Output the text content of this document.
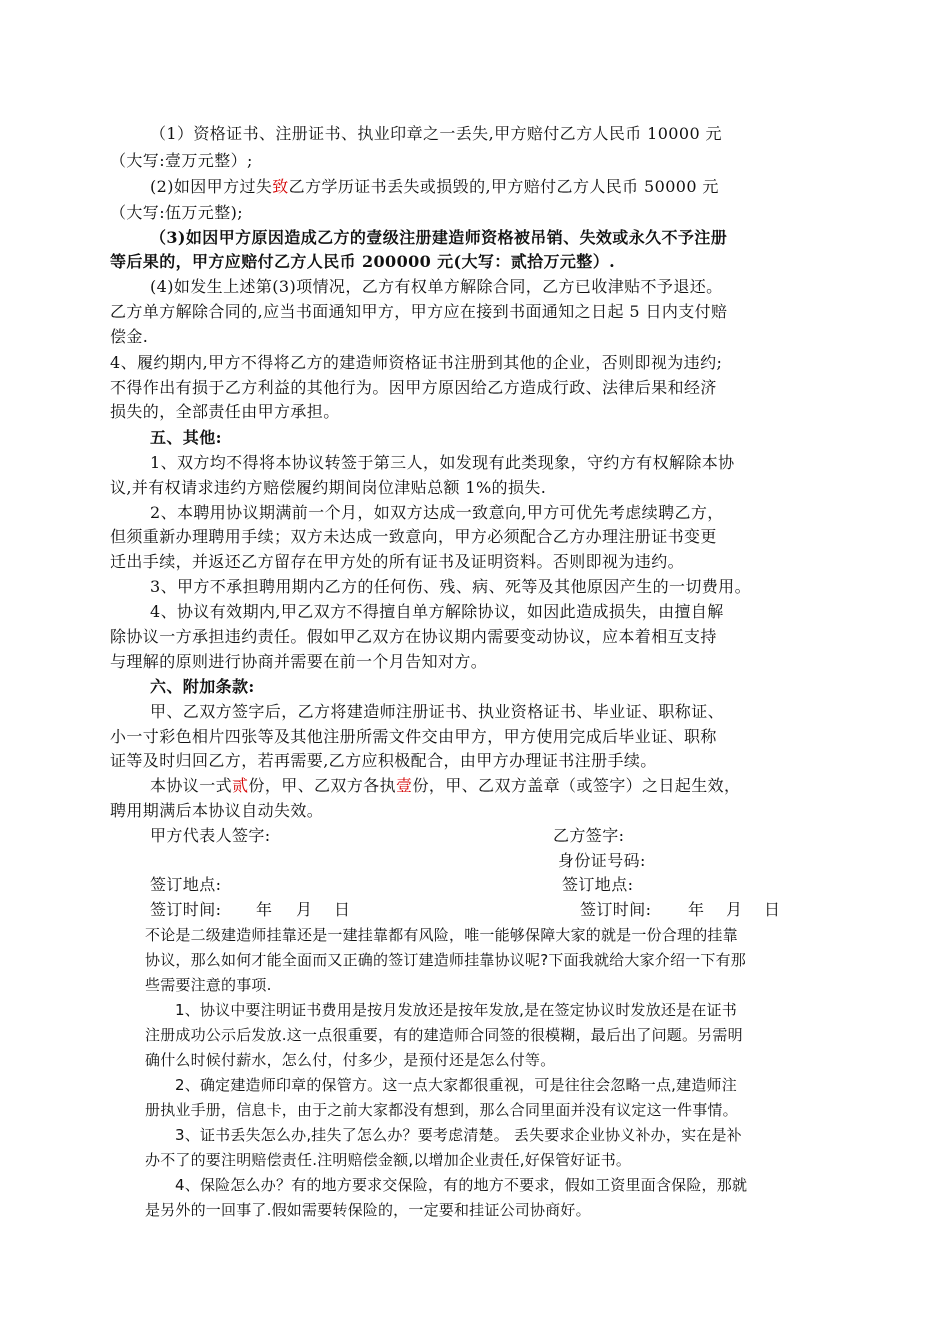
（1）资格证书、注册证书、执业印章之一丢失,甲方赔付乙方人民币 10000 元
（大写:壹万元整）;
(2)如因甲方过失致乙方学历证书丢失或损毁的,甲方赔付乙方人民币 50000 元
（大写:伍万元整);
（3)如因甲方原因造成乙方的壹级注册建造师资格被吊销、失效或永久不予注册
等后果的，甲方应赔付乙方人民币 200000 元(大写：贰拾万元整）.
(4)如发生上述第(3)项情况，乙方有权单方解除合同，乙方已收津贴不予退还。
乙方单方解除合同的,应当书面通知甲方，甲方应在接到书面通知之日起 5 日内支付赔
偿金.
4、履约期内,甲方不得将乙方的建造师资格证书注册到其他的企业，否则即视为违约;
不得作出有损于乙方利益的其他行为。因甲方原因给乙方造成行政、法律后果和经济
损失的，全部责任由甲方承担。
五、其他:
1、双方均不得将本协议转签于第三人，如发现有此类现象，守约方有权解除本协
议,并有权请求违约方赔偿履约期间岗位津贴总额 1%的损失.
2、本聘用协议期满前一个月，如双方达成一致意向,甲方可优先考虑续聘乙方，
但须重新办理聘用手续；双方未达成一致意向，甲方必须配合乙方办理注册证书变更
迁出手续，并返还乙方留存在甲方处的所有证书及证明资料。否则即视为违约。
3、甲方不承担聘用期内乙方的任何伤、残、病、死等及其他原因产生的一切费用。
4、协议有效期内,甲乙双方不得擅自单方解除协议，如因此造成损失，由擅自解
除协议一方承担违约责任。假如甲乙双方在协议期内需要变动协议，应本着相互支持
与理解的原则进行协商并需要在前一个月告知对方。
六、附加条款:
甲、乙双方签字后，乙方将建造师注册证书、执业资格证书、毕业证、职称证、
小一寸彩色相片四张等及其他注册所需文件交由甲方，甲方使用完成后毕业证、职称
证等及时归回乙方，若再需要,乙方应积极配合，由甲方办理证书注册手续。
本协议一式贰份，甲、乙双方各执壹份，甲、乙双方盖章（或签字）之日起生效，
聘用期满后本协议自动失效。
甲方代表人签字:	乙方签字:
身份证号码:
签订地点:	签订地点:
签订时间: 年 月 日	签订时间: 年 月 日
不论是二级建造师挂靠还是一建挂靠都有风险，唯一能够保障大家的就是一份合理的挂靠
协议，那么如何才能全面而又正确的签订建造师挂靠协议呢?下面我就给大家介绍一下有那
些需要注意的事项.
1、协议中要注明证书费用是按月发放还是按年发放,是在签定协议时发放还是在证书
注册成功公示后发放.这一点很重要，有的建造师合同签的很模糊，最后出了问题。另需明
确什么时候付薪水，怎么付，付多少，是预付还是怎么付等。
2、确定建造师印章的保管方。这一点大家都很重视，可是往往会忽略一点,建造师注
册执业手册，信息卡，由于之前大家都没有想到，那么合同里面并没有议定这一件事情。
3、证书丢失怎么办,挂失了怎么办？要考虑清楚。 丢失要求企业协义补办，实在是补
办不了的要注明赔偿责任.注明赔偿金额,以增加企业责任,好保管好证书。
4、保险怎么办？有的地方要求交保险，有的地方不要求，假如工资里面含保险，那就
是另外的一回事了.假如需要转保险的，一定要和挂证公司协商好。
